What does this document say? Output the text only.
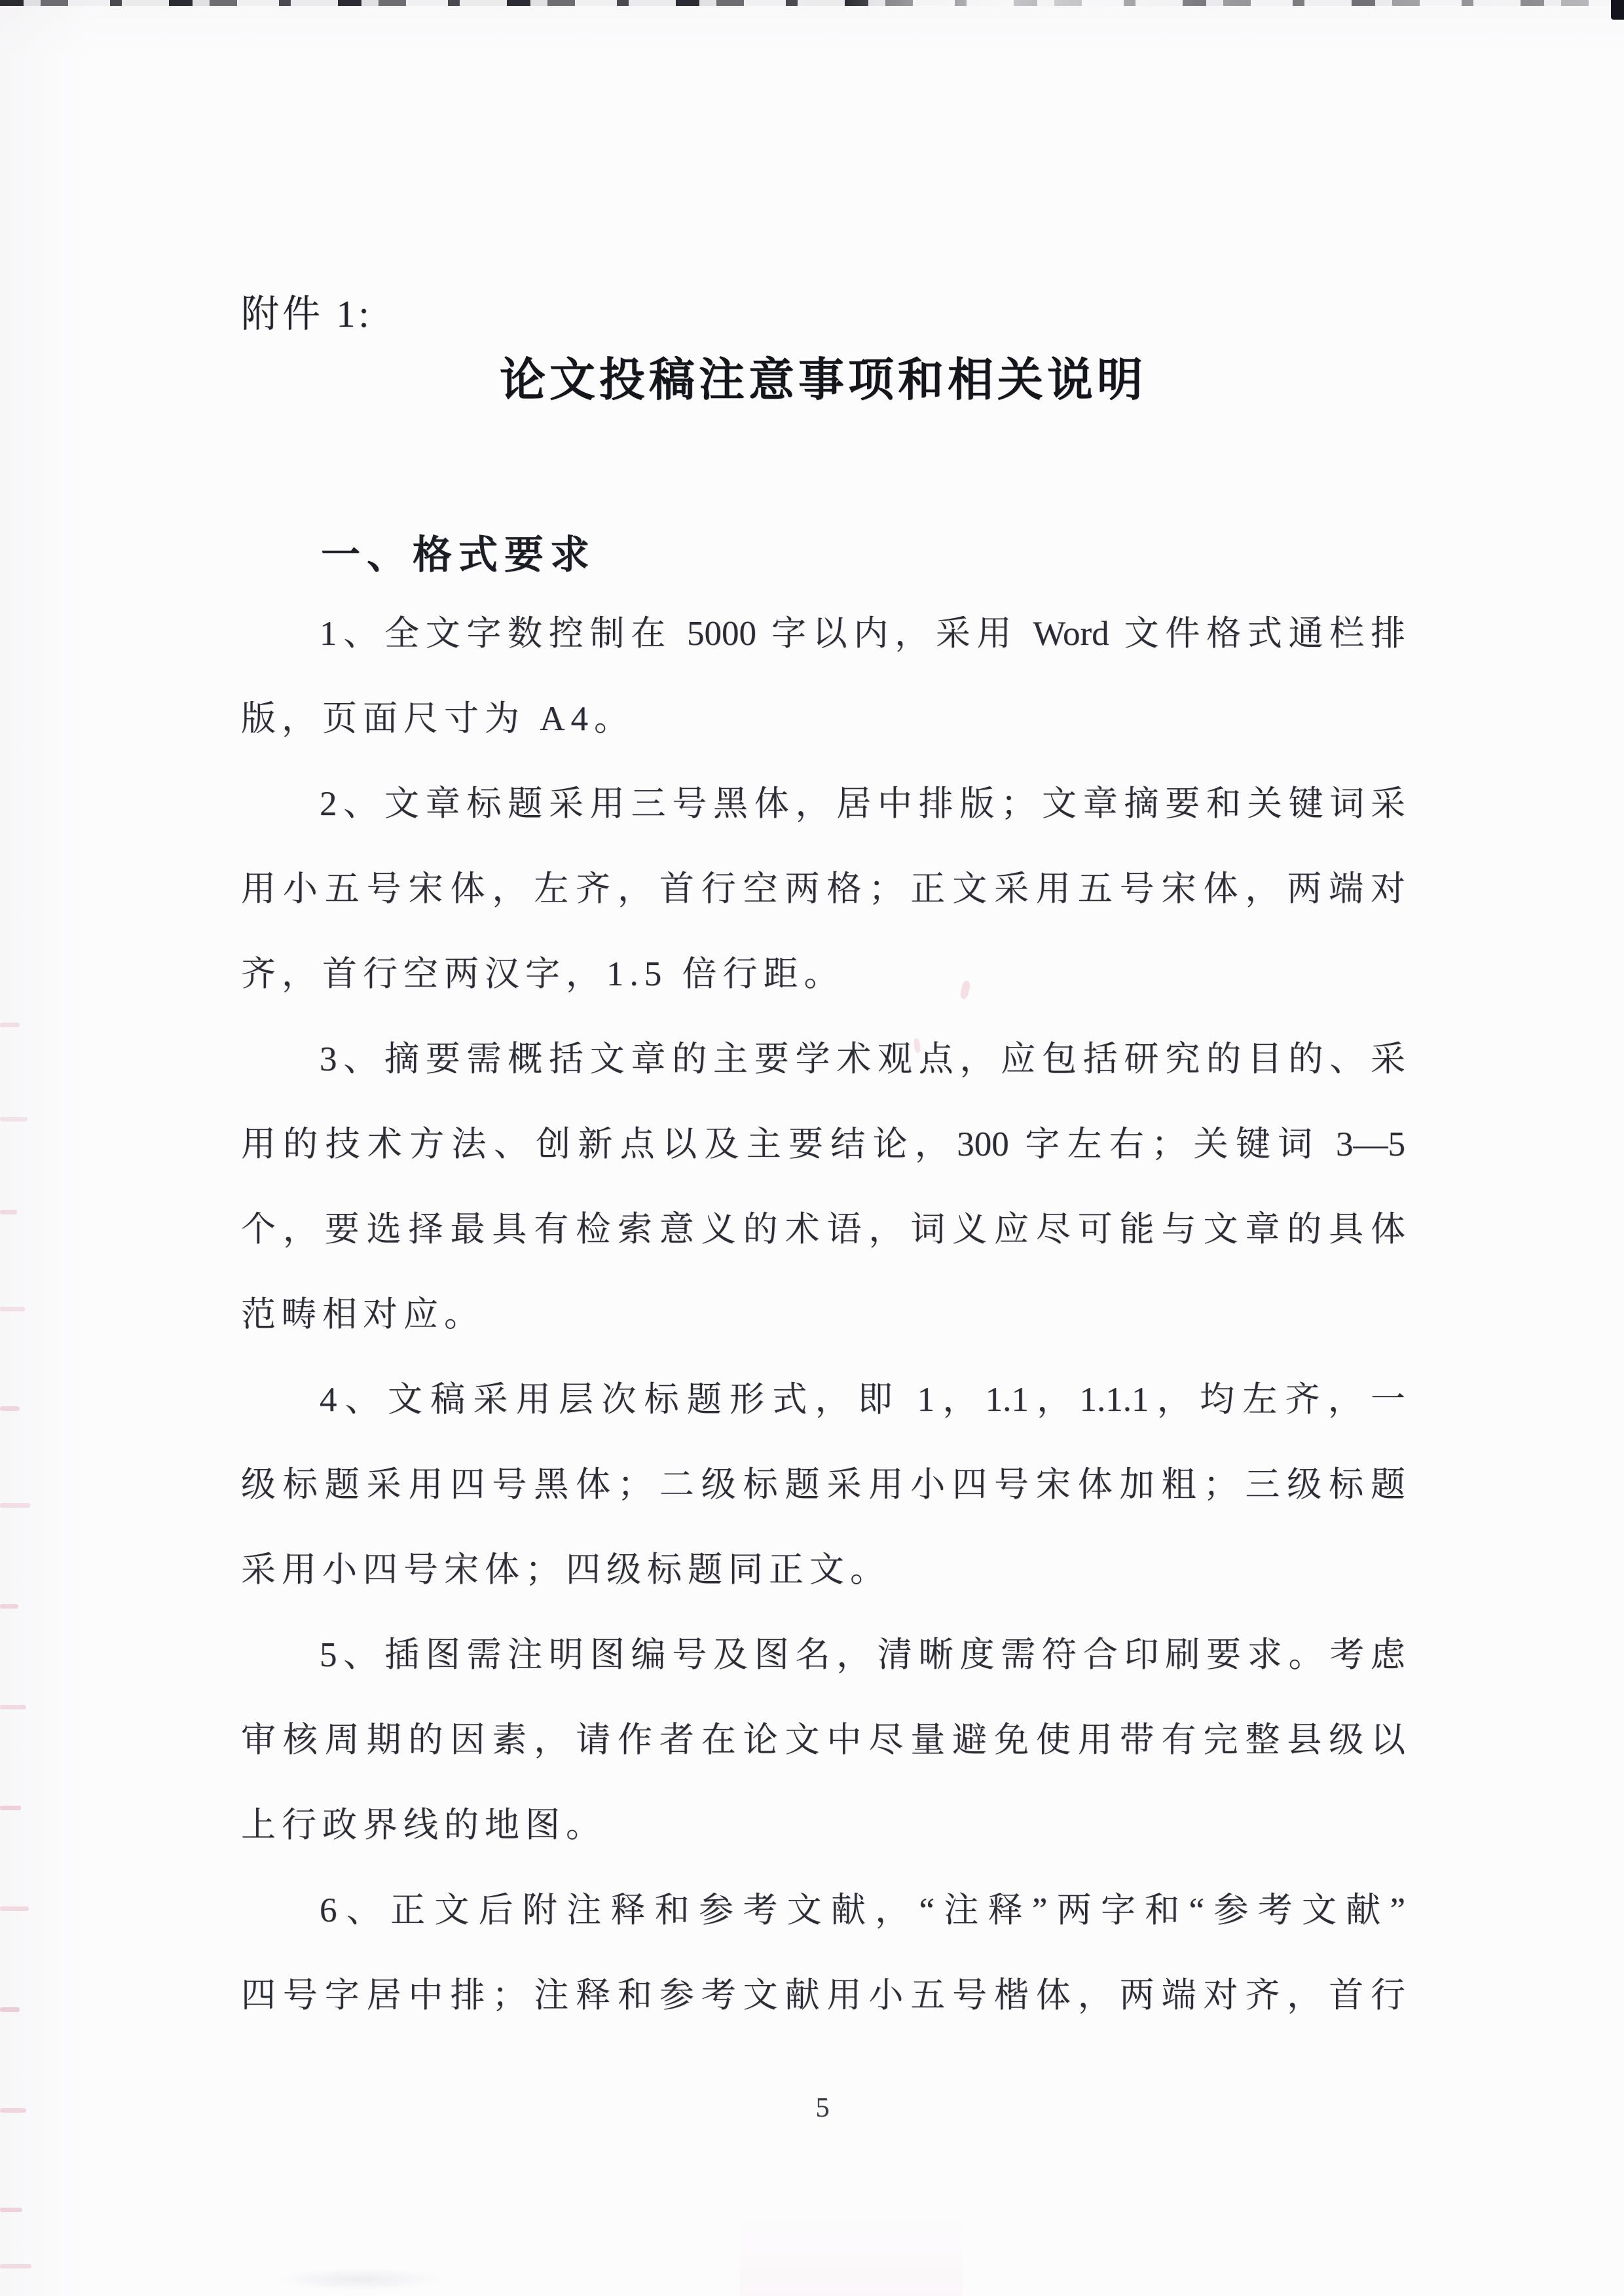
附件 1:
论文投稿注意事项和相关说明
一、格式要求
1、全文字数控制在 5000 字以内，采用 Word 文件格式通栏排
版，页面尺寸为 A4。
2、文章标题采用三号黑体，居中排版；文章摘要和关键词采
用小五号宋体，左齐，首行空两格；正文采用五号宋体，两端对
齐，首行空两汉字，1.5 倍行距。
3、摘要需概括文章的主要学术观点，应包括研究的目的、采
用的技术方法、创新点以及主要结论，300 字左右；关键词 3—5
个，要选择最具有检索意义的术语，词义应尽可能与文章的具体
范畴相对应。
4、文稿采用层次标题形式，即 1，1.1，1.1.1，均左齐，一
级标题采用四号黑体；二级标题采用小四号宋体加粗；三级标题
采用小四号宋体；四级标题同正文。
5、插图需注明图编号及图名，清晰度需符合印刷要求。考虑
审核周期的因素，请作者在论文中尽量避免使用带有完整县级以
上行政界线的地图。
6、正文后附注释和参考文献，“注释”两字和“参考文献”
四号字居中排；注释和参考文献用小五号楷体，两端对齐，首行
5
